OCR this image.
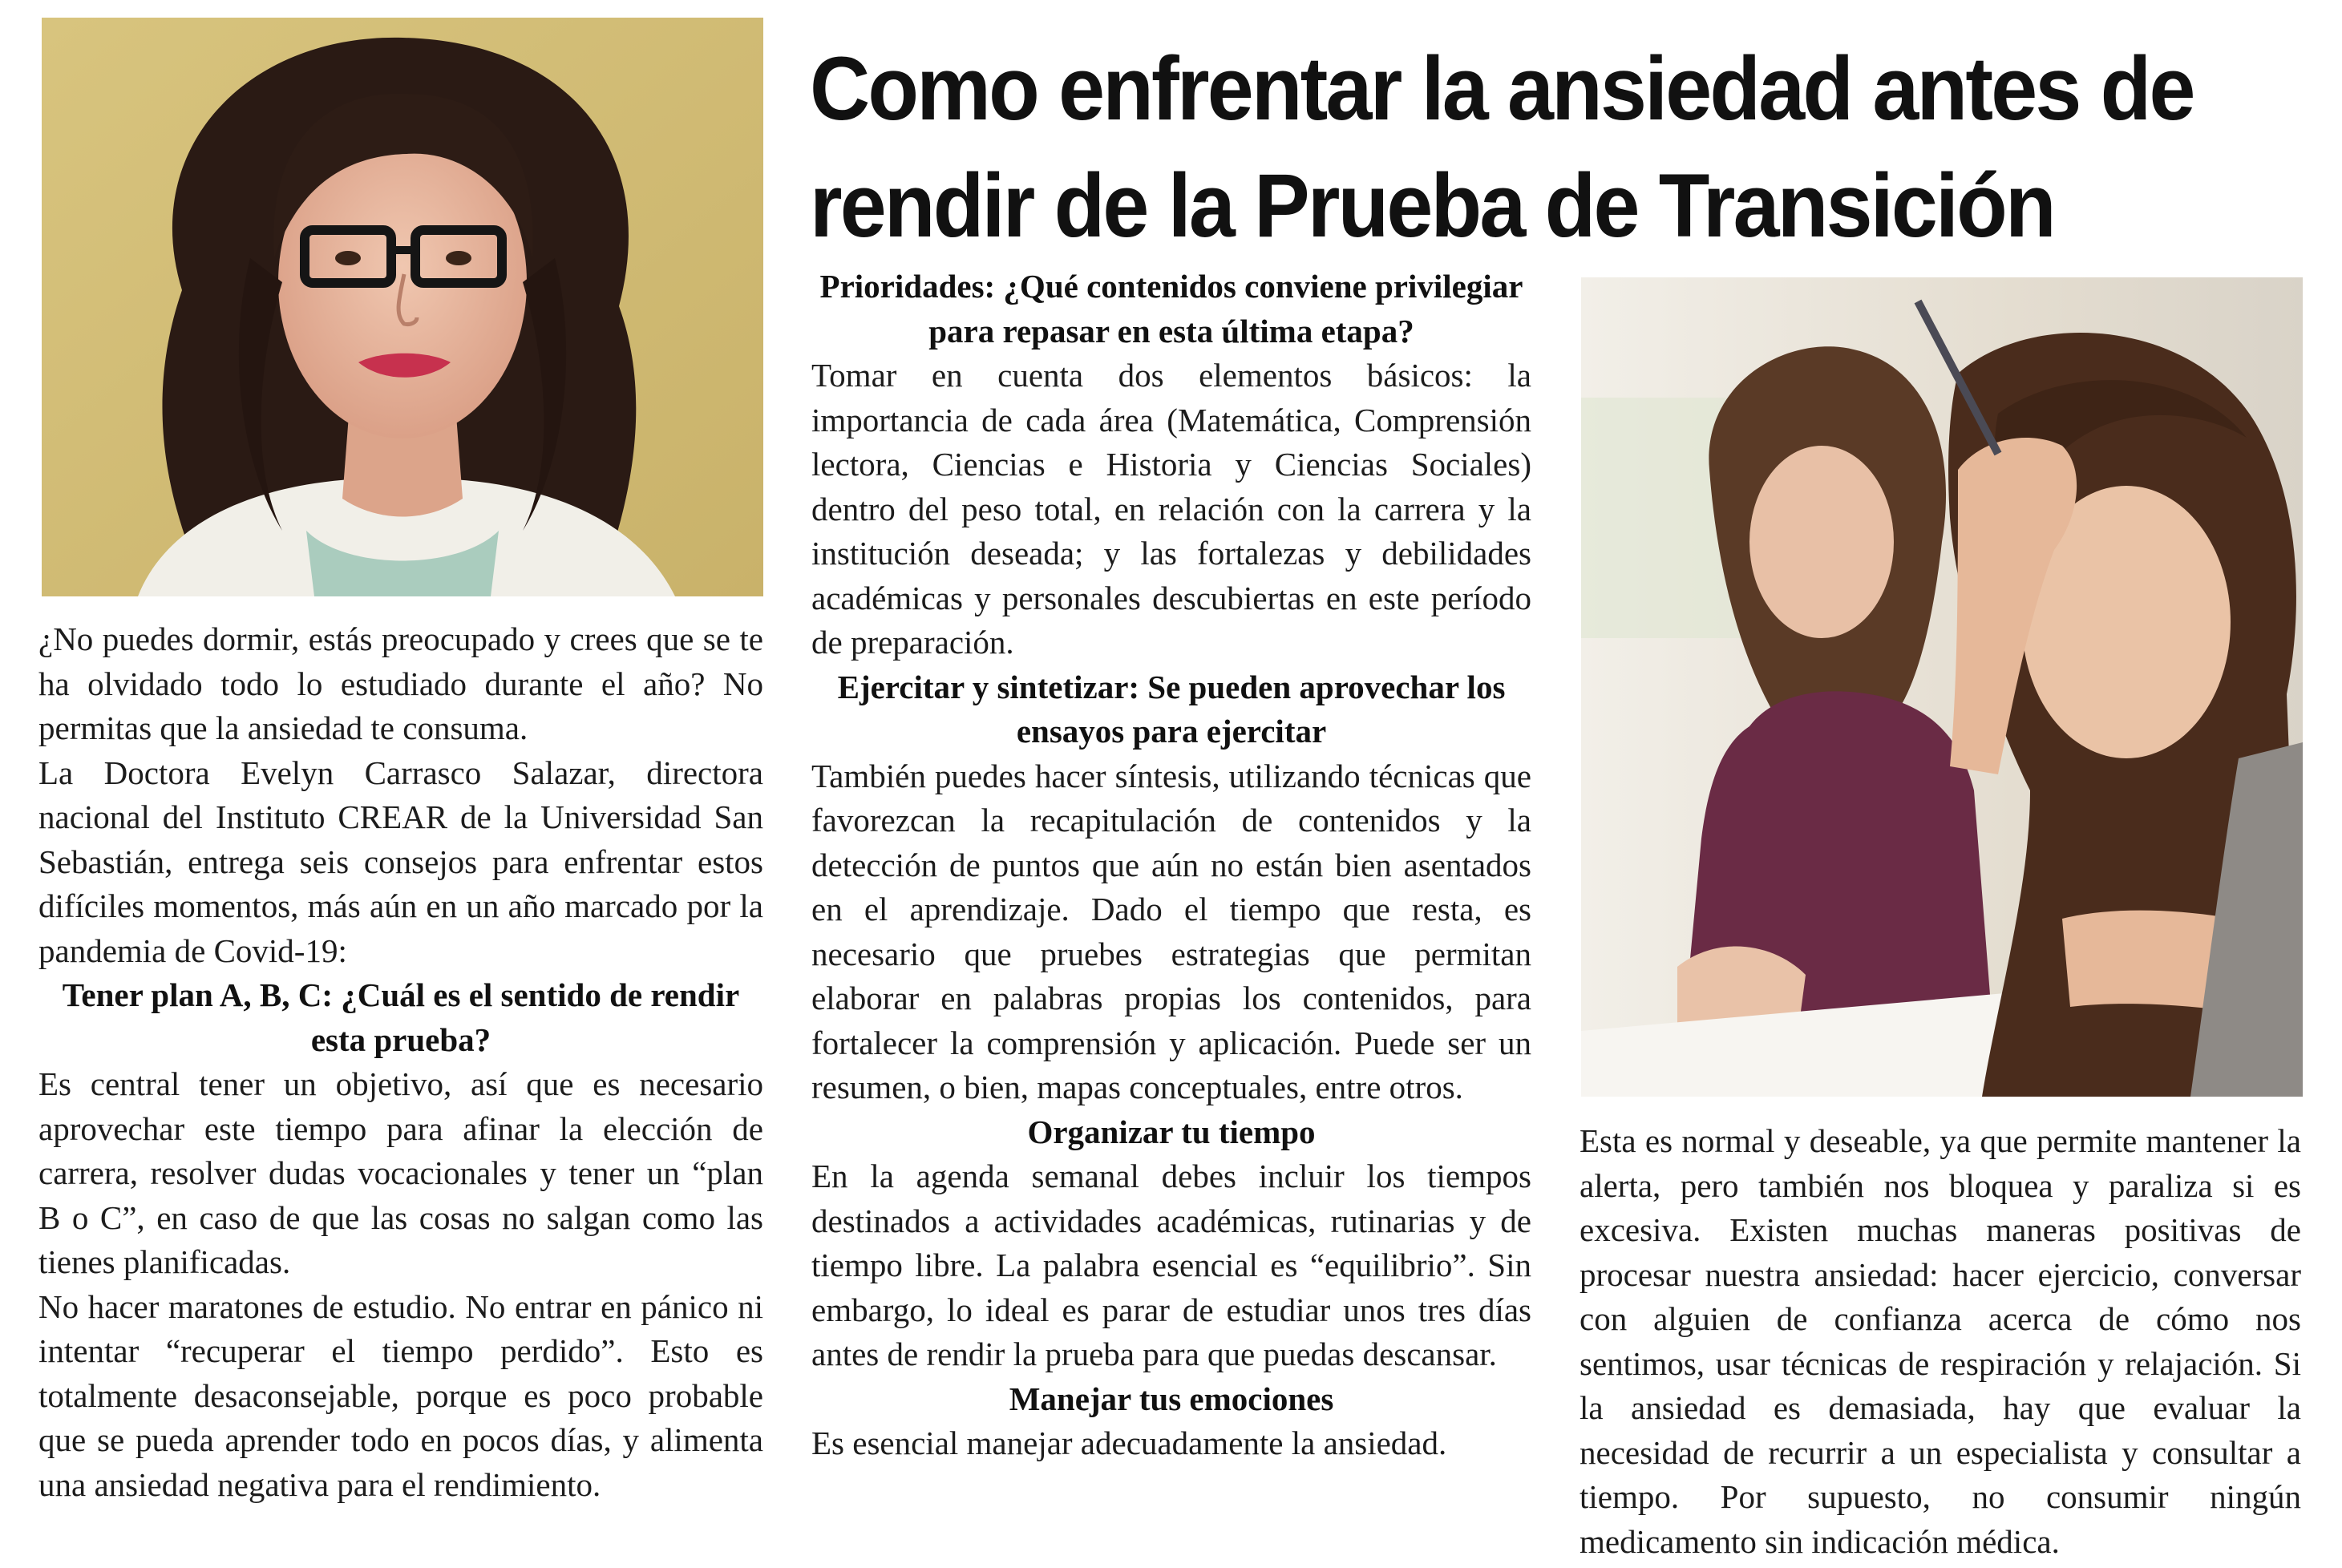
Como enfrentar la ansiedad antes de
rendir de la Prueba de Transición

¿No puedes dormir, estás preocupado y crees que se te ha olvidado todo lo estudiado durante el año? No permitas que la ansiedad te consuma.

La Doctora Evelyn Carrasco Salazar, directora nacional del Instituto CREAR de la Universidad San Sebastián, entrega seis consejos para enfrentar estos difíciles momentos, más aún en un año marcado por la pandemia de Covid-19:

Tener plan A, B, C: ¿Cuál es el sentido de rendir esta prueba?

Es central tener un objetivo, así que es necesario aprovechar este tiempo para afinar la elección de carrera, resolver dudas vocacionales y tener un “plan B o C”, en caso de que las cosas no salgan como las tienes planificadas.

No hacer maratones de estudio. No entrar en pánico ni intentar “recuperar el tiempo perdido”. Esto es totalmente desaconsejable, porque es poco probable que se pueda aprender todo en pocos días, y alimenta una ansiedad negativa para el rendimiento.

Prioridades: ¿Qué contenidos conviene privilegiar para repasar en esta última etapa?

Tomar en cuenta dos elementos básicos: la importancia de cada área (Matemática, Comprensión lectora, Ciencias e Historia y Ciencias Sociales) dentro del peso total, en relación con la carrera y la institución deseada; y las fortalezas y debilidades académicas y personales descubiertas en este período de preparación.

Ejercitar y sintetizar: Se pueden aprovechar los ensayos para ejercitar

También puedes hacer síntesis, utilizando técnicas que favorezcan la recapitulación de contenidos y la detección de puntos que aún no están bien asentados en el aprendizaje. Dado el tiempo que resta, es necesario que pruebes estrategias que permitan elaborar en palabras propias los contenidos, para fortalecer la comprensión y aplicación. Puede ser un resumen, o bien, mapas conceptuales, entre otros.

Organizar tu tiempo

En la agenda semanal debes incluir los tiempos destinados a actividades académicas, rutinarias y de tiempo libre. La palabra esencial es “equilibrio”. Sin embargo, lo ideal es parar de estudiar unos tres días antes de rendir la prueba para que puedas descansar.

Manejar tus emociones

Es esencial manejar adecuadamente la ansiedad.

Esta es normal y deseable, ya que permite mantener la alerta, pero también nos bloquea y paraliza si es excesiva. Existen muchas maneras positivas de procesar nuestra ansiedad: hacer ejercicio, conversar con alguien de confianza acerca de cómo nos sentimos, usar técnicas de respiración y relajación. Si la ansiedad es demasiada, hay que evaluar la necesidad de recurrir a un especialista y consultar a tiempo. Por supuesto, no consumir ningún medicamento sin indicación médica.
